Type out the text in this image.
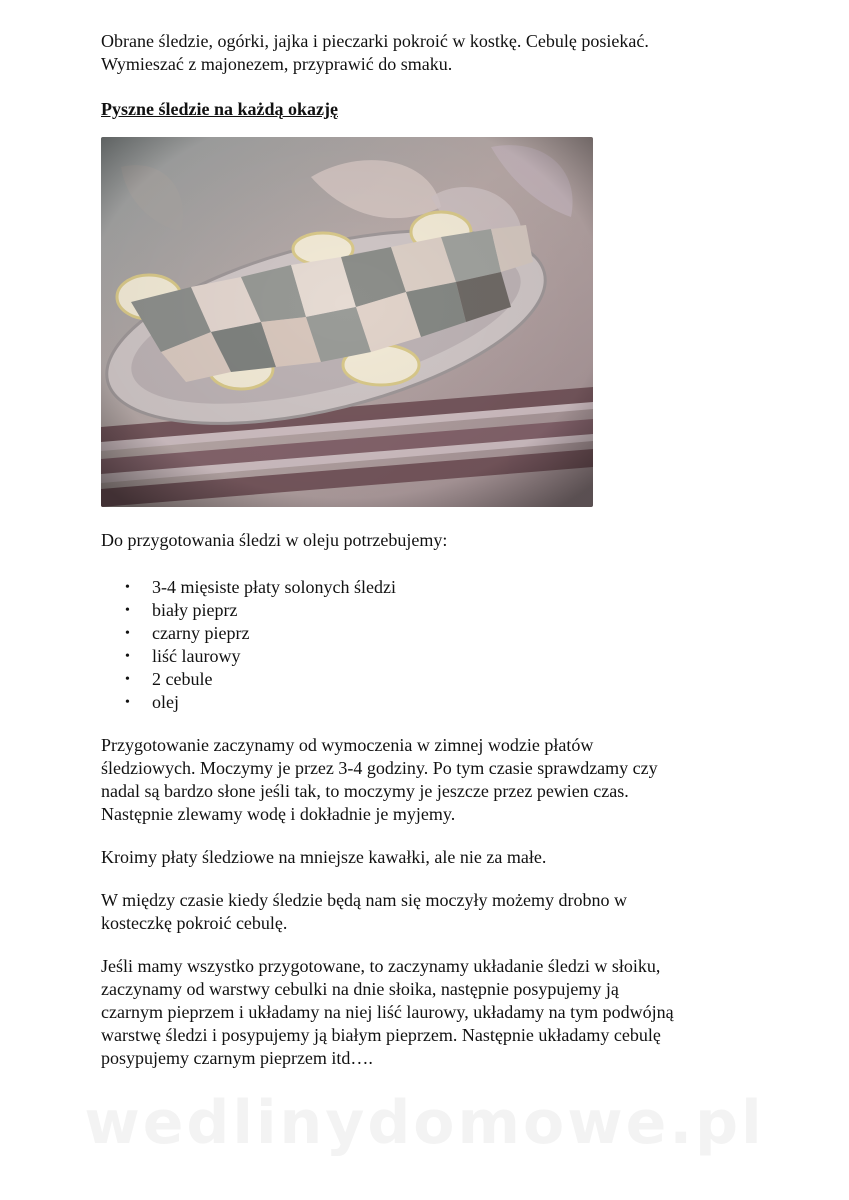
Obrane śledzie, ogórki, jajka i pieczarki pokroić w kostkę. Cebulę posiekać.

Wymieszać z majonezem, przyprawić do smaku.

Pyszne śledzie na każdą okazję

Do przygotowania śledzi w oleju potrzebujemy:

• 3-4 mięsiste płaty solonych śledzi
• biały pieprz
• czarny pieprz
• liść laurowy
• 2 cebule
• olej

Przygotowanie zaczynamy od wymoczenia w zimnej wodzie płatów

śledziowych. Moczymy je przez 3-4 godziny. Po tym czasie sprawdzamy czy

nadal są bardzo słone jeśli tak, to moczymy je jeszcze przez pewien czas.

Następnie zlewamy wodę i dokładnie je myjemy.

Kroimy płaty śledziowe na mniejsze kawałki, ale nie za małe.

W między czasie kiedy śledzie będą nam się moczyły możemy drobno w

kosteczkę pokroić cebulę.

Jeśli mamy wszystko przygotowane, to zaczynamy układanie śledzi w słoiku,

zaczynamy od warstwy cebulki na dnie słoika, następnie posypujemy ją

czarnym pieprzem i układamy na niej liść laurowy, układamy na tym podwójną

warstwę śledzi i posypujemy ją białym pieprzem. Następnie układamy cebulę

posypujemy czarnym pieprzem itd….

wedlinydomowe.pl
